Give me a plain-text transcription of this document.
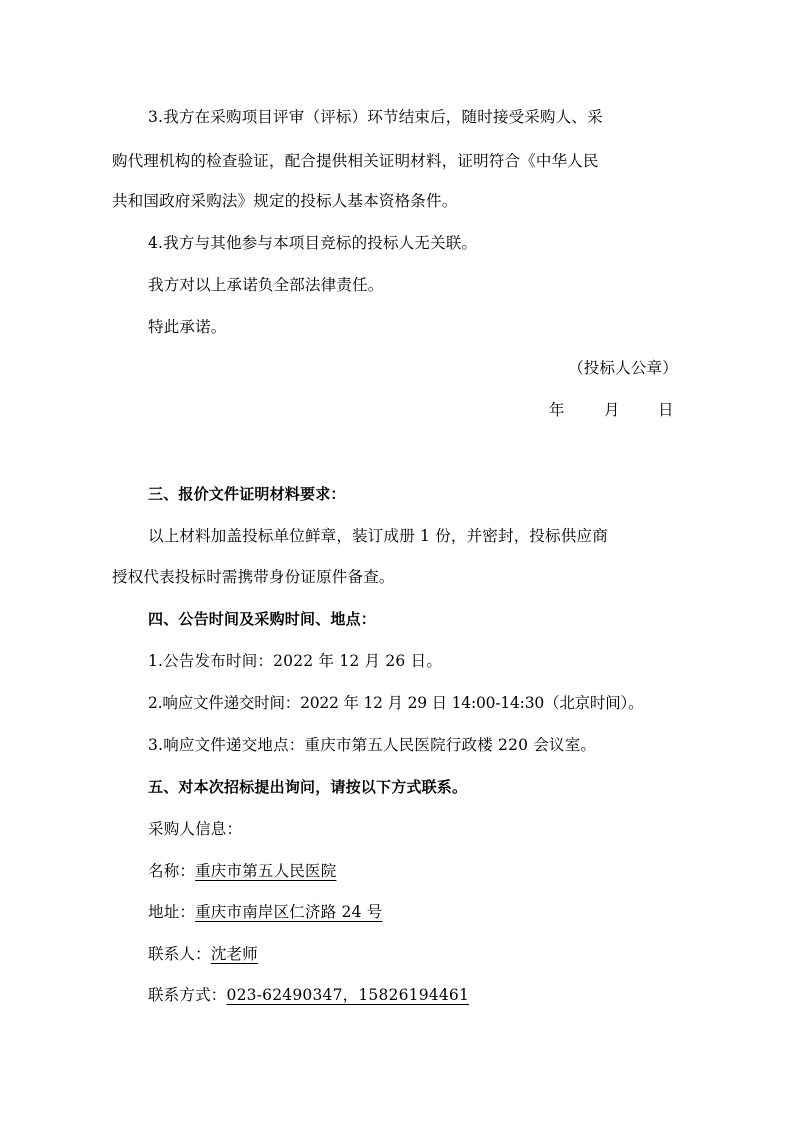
3.我方在采购项目评审（评标）环节结束后，随时接受采购人、采
购代理机构的检查验证，配合提供相关证明材料，证明符合《中华人民
共和国政府采购法》规定的投标人基本资格条件。
4.我方与其他参与本项目竞标的投标人无关联。
我方对以上承诺负全部法律责任。
特此承诺。
（投标人公章）
年	月 日
三、报价文件证明材料要求：
以上材料加盖投标单位鲜章，装订成册 1 份，并密封，投标供应商
授权代表投标时需携带身份证原件备查。
四、公告时间及采购时间、地点：
1.公告发布时间：2022 年 12 月 26 日。
2.响应文件递交时间：2022 年 12 月 29 日 14:00-14:30（北京时间）。
3.响应文件递交地点：重庆市第五人民医院行政楼 220 会议室。
五、对本次招标提出询问，请按以下方式联系。
采购人信息：
名称：重庆市第五人民医院
地址：重庆市南岸区仁济路 24 号
联系人：沈老师
联系方式：023-62490347，15826194461
